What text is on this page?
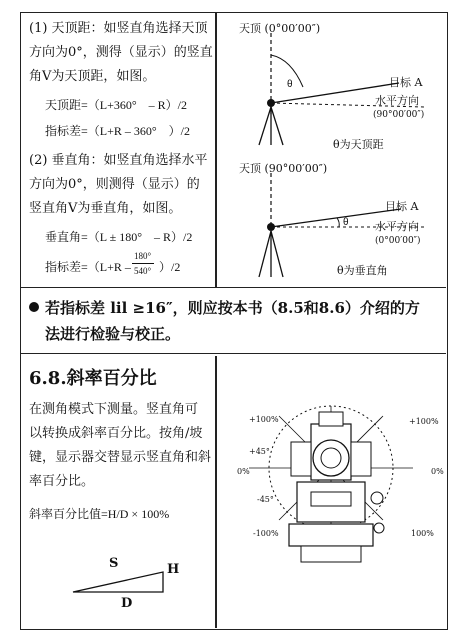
(1) 天顶距：如竖直角选择天顶
方向为0°，测得（显示）的竖直
角V为天顶距，如图。
天顶距=（L+360°　– R）/2
指标差=（L+R – 360°　）/2
(2) 垂直角：如竖直角选择水平
方向为0°，则测得（显示）的
竖直角V为垂直角，如图。
垂直角=（L ± 180°　– R）/2
指标差=（L+R –
180°
540° ）/2
θ
θ
天顶 (0°00′00″)
目标 A
水平方向
(90°00′00″)
θ为天顶距
天顶 (90°00′00″)
目标 A
水平方向
(0°00′00″)
θ为垂直角
若指标差 lil ≥16″，则应按本书（8.5和8.6）介绍的方
法进行检验与校正。
6.8.斜率百分比
在测角模式下测量。竖直角可
以转换成斜率百分比。按角/坡
键，显示器交替显示竖直角和斜
率百分比。
斜率百分比值=H/D × 100%
S	H
D
+100%	+100%
+45°
0%	0%
-45°
-100%	100%
